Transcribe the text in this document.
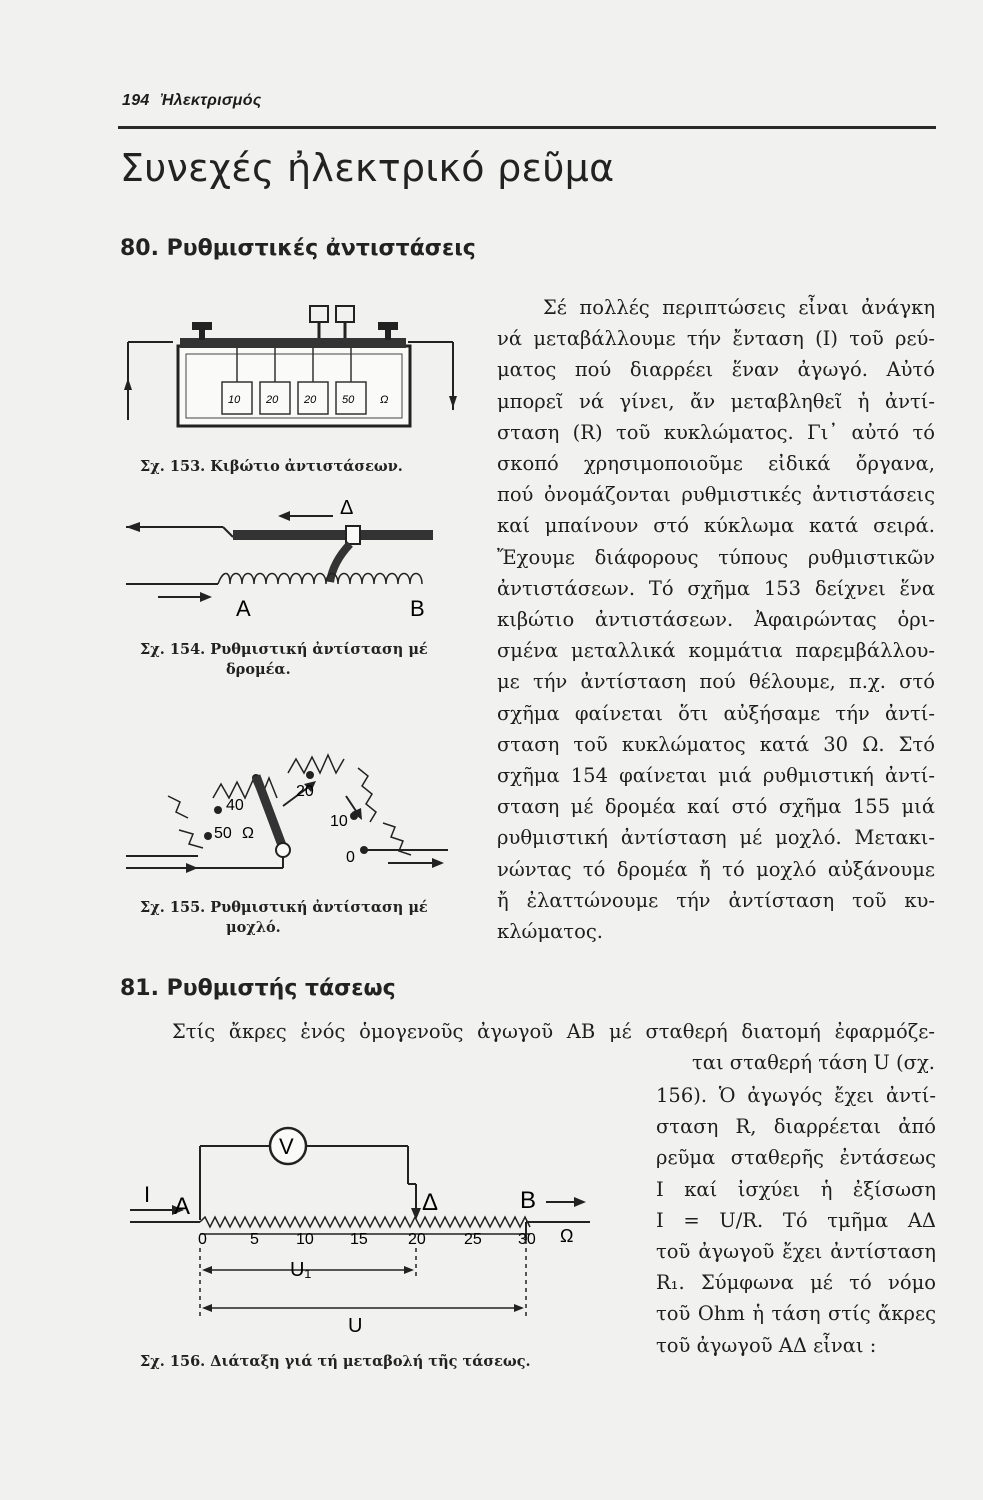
194 Ἠλεκτρισμός
Συνεχές ἠλεκτρικό ρεῦμα
80. Ρυθμιστικές ἀντιστάσεις
Σέ πολλές περιπτώσεις εἶναι ἀνάγκη
νά μεταβάλλουμε τήν ἔνταση (Ι) τοῦ ρεύ-
ματος πού διαρρέει ἕναν ἀγωγό. Αὐτό
μπορεῖ νά γίνει, ἄν μεταβληθεῖ ἡ ἀντί-
σταση (R) τοῦ κυκλώματος. Γι᾽ αὐτό τό
σκοπό χρησιμοποιοῦμε εἰδικά ὄργανα,
πού ὀνομάζονται ρυθμιστικές ἀντιστάσεις
καί μπαίνουν στό κύκλωμα κατά σειρά.
Ἔχουμε διάφορους τύπους ρυθμιστικῶν
ἀντιστάσεων. Τό σχῆμα 153 δείχνει ἕνα
κιβώτιο ἀντιστάσεων. Ἀφαιρώντας ὁρι-
σμένα μεταλλικά κομμάτια παρεμβάλλου-
με τήν ἀντίσταση πού θέλουμε, π.χ. στό
σχῆμα φαίνεται ὅτι αὐξήσαμε τήν ἀντί-
σταση τοῦ κυκλώματος κατά 30 Ω. Στό
σχῆμα 154 φαίνεται μιά ρυθμιστική ἀντί-
σταση μέ δρομέα καί στό σχῆμα 155 μιά
ρυθμιστική ἀντίσταση μέ μοχλό. Μετακι-
νώντας τό δρομέα ἤ τό μοχλό αὐξάνουμε
ἤ ἐλαττώνουμε τήν ἀντίσταση τοῦ κυ-
κλώματος.
10 20 20 50 Ω
Σχ. 153. Κιβώτιο ἀντιστάσεων.
Δ
A	B
Σχ. 154. Ρυθμιστική ἀντίσταση μέ
δρομέα.
40
50 Ω
20
10
0
Σχ. 155. Ρυθμιστική ἀντίσταση μέ
μοχλό.
81. Ρυθμιστής τάσεως
Στίς ἄκρες ἑνός ὁμογενοῦς ἀγωγοῦ ΑΒ μέ σταθερή διατομή ἐφαρμόζε-
ται σταθερή τάση U (σχ.
156). Ὁ ἀγωγός ἔχει ἀντί-
σταση R, διαρρέεται ἀπό
ρεῦμα σταθερῆς ἐντάσεως
Ι καί ἰσχύει ἡ ἐξίσωση
Ι = U/R. Τό τμῆμα ΑΔ
τοῦ ἀγωγοῦ ἔχει ἀντίσταση
R₁. Σύμφωνα μέ τό νόμο
τοῦ Ohm ἡ τάση στίς ἄκρες
τοῦ ἀγωγοῦ ΑΔ εἶναι :
V
I A	Δ	B
0	5 10 15	20 25 30 Ω
U₁
U
Σχ. 156. Διάταξη γιά τή μεταβολή τῆς τάσεως.
